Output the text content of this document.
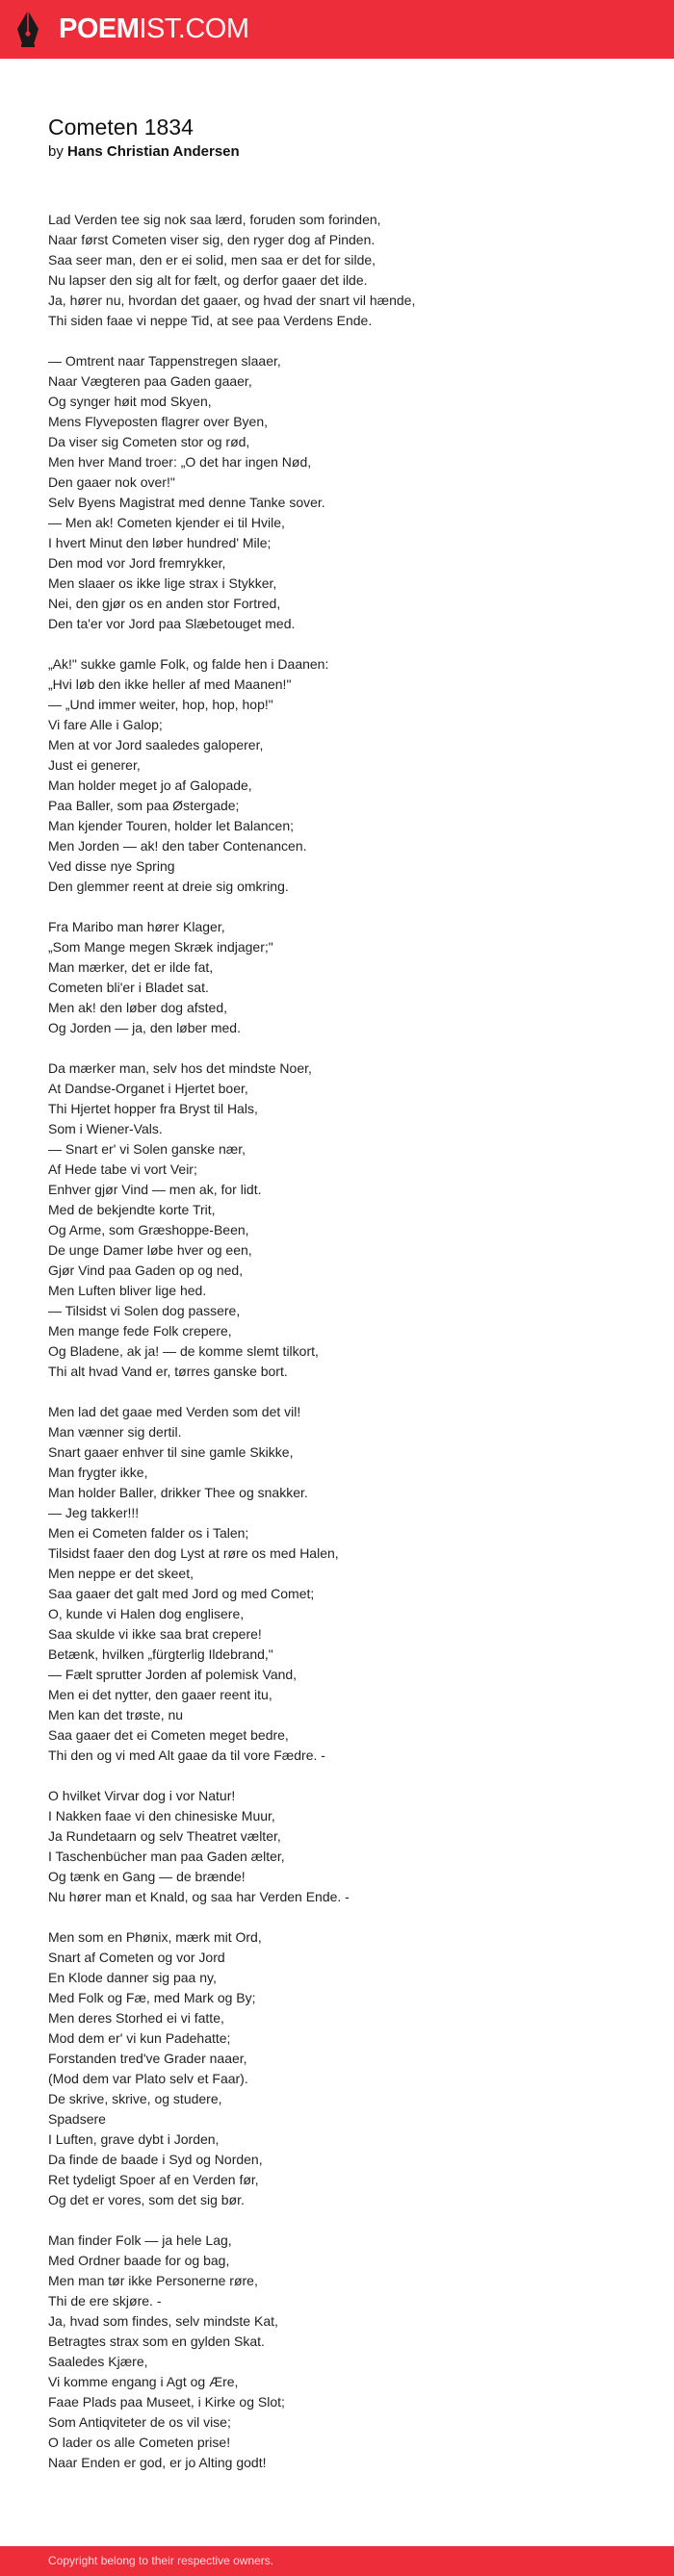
POEMIST.COM
Cometen 1834

by Hans Christian Andersen

Lad Verden tee sig nok saa lærd, foruden som forinden,
Naar først Cometen viser sig, den ryger dog af Pinden.
Saa seer man, den er ei solid, men saa er det for silde,
Nu lapser den sig alt for fælt, og derfor gaaer det ilde.
Ja, hører nu, hvordan det gaaer, og hvad der snart vil hænde,
Thi siden faae vi neppe Tid, at see paa Verdens Ende.
— Omtrent naar Tappenstregen slaaer,
Naar Vægteren paa Gaden gaaer,
Og synger høit mod Skyen,
Mens Flyveposten flagrer over Byen,
Da viser sig Cometen stor og rød,
Men hver Mand troer: „O det har ingen Nød,
Den gaaer nok over!"
Selv Byens Magistrat med denne Tanke sover.
— Men ak! Cometen kjender ei til Hvile,
I hvert Minut den løber hundred' Mile;
Den mod vor Jord fremrykker,
Men slaaer os ikke lige strax i Stykker,
Nei, den gjør os en anden stor Fortred,
Den ta'er vor Jord paa Slæbetouget med.
„Ak!" sukke gamle Folk, og falde hen i Daanen:
„Hvi løb den ikke heller af med Maanen!"
— „Und immer weiter, hop, hop, hop!"
Vi fare Alle i Galop;
Men at vor Jord saaledes galoperer,
Just ei generer,
Man holder meget jo af Galopade,
Paa Baller, som paa Østergade;
Man kjender Touren, holder let Balancen;
Men Jorden — ak! den taber Contenancen.
Ved disse nye Spring
Den glemmer reent at dreie sig omkring.
Fra Maribo man hører Klager,
„Som Mange megen Skræk indjager;"
Man mærker, det er ilde fat,
Cometen bli'er i Bladet sat.
Men ak! den løber dog afsted,
Og Jorden — ja, den løber med.
Da mærker man, selv hos det mindste Noer,
At Dandse-Organet i Hjertet boer,
Thi Hjertet hopper fra Bryst til Hals,
Som i Wiener-Vals.
— Snart er' vi Solen ganske nær,
Af Hede tabe vi vort Veir;
Enhver gjør Vind — men ak, for lidt.
Med de bekjendte korte Trit,
Og Arme, som Græshoppe-Been,
De unge Damer løbe hver og een,
Gjør Vind paa Gaden op og ned,
Men Luften bliver lige hed.
— Tilsidst vi Solen dog passere,
Men mange fede Folk crepere,
Og Bladene, ak ja! — de komme slemt tilkort,
Thi alt hvad Vand er, tørres ganske bort.
Men lad det gaae med Verden som det vil!
Man vænner sig dertil.
Snart gaaer enhver til sine gamle Skikke,
Man frygter ikke,
Man holder Baller, drikker Thee og snakker.
— Jeg takker!!!
Men ei Cometen falder os i Talen;
Tilsidst faaer den dog Lyst at røre os med Halen,
Men neppe er det skeet,
Saa gaaer det galt med Jord og med Comet;
O, kunde vi Halen dog englisere,
Saa skulde vi ikke saa brat crepere!
Betænk, hvilken „fürgterlig Ildebrand,"
— Fælt sprutter Jorden af polemisk Vand,
Men ei det nytter, den gaaer reent itu,
Men kan det trøste, nu
Saa gaaer det ei Cometen meget bedre,
Thi den og vi med Alt gaae da til vore Fædre. -
O hvilket Virvar dog i vor Natur!
I Nakken faae vi den chinesiske Muur,
Ja Rundetaarn og selv Theatret vælter,
I Taschenbücher man paa Gaden ælter,
Og tænk en Gang — de brænde!
Nu hører man et Knald, og saa har Verden Ende. -
Men som en Phønix, mærk mit Ord,
Snart af Cometen og vor Jord
En Klode danner sig paa ny,
Med Folk og Fæ, med Mark og By;
Men deres Storhed ei vi fatte,
Mod dem er' vi kun Padehatte;
Forstanden tred've Grader naaer,
(Mod dem var Plato selv et Faar).
De skrive, skrive, og studere,
Spadsere
I Luften, grave dybt i Jorden,
Da finde de baade i Syd og Norden,
Ret tydeligt Spoer af en Verden før,
Og det er vores, som det sig bør.
Man finder Folk — ja hele Lag,
Med Ordner baade for og bag,
Men man tør ikke Personerne røre,
Thi de ere skjøre. -
Ja, hvad som findes, selv mindste Kat,
Betragtes strax som en gylden Skat.
Saaledes Kjære,
Vi komme engang i Agt og Ære,
Faae Plads paa Museet, i Kirke og Slot;
Som Antiqviteter de os vil vise;
O lader os alle Cometen prise!
Naar Enden er god, er jo Alting godt!
Copyright belong to their respective owners.
